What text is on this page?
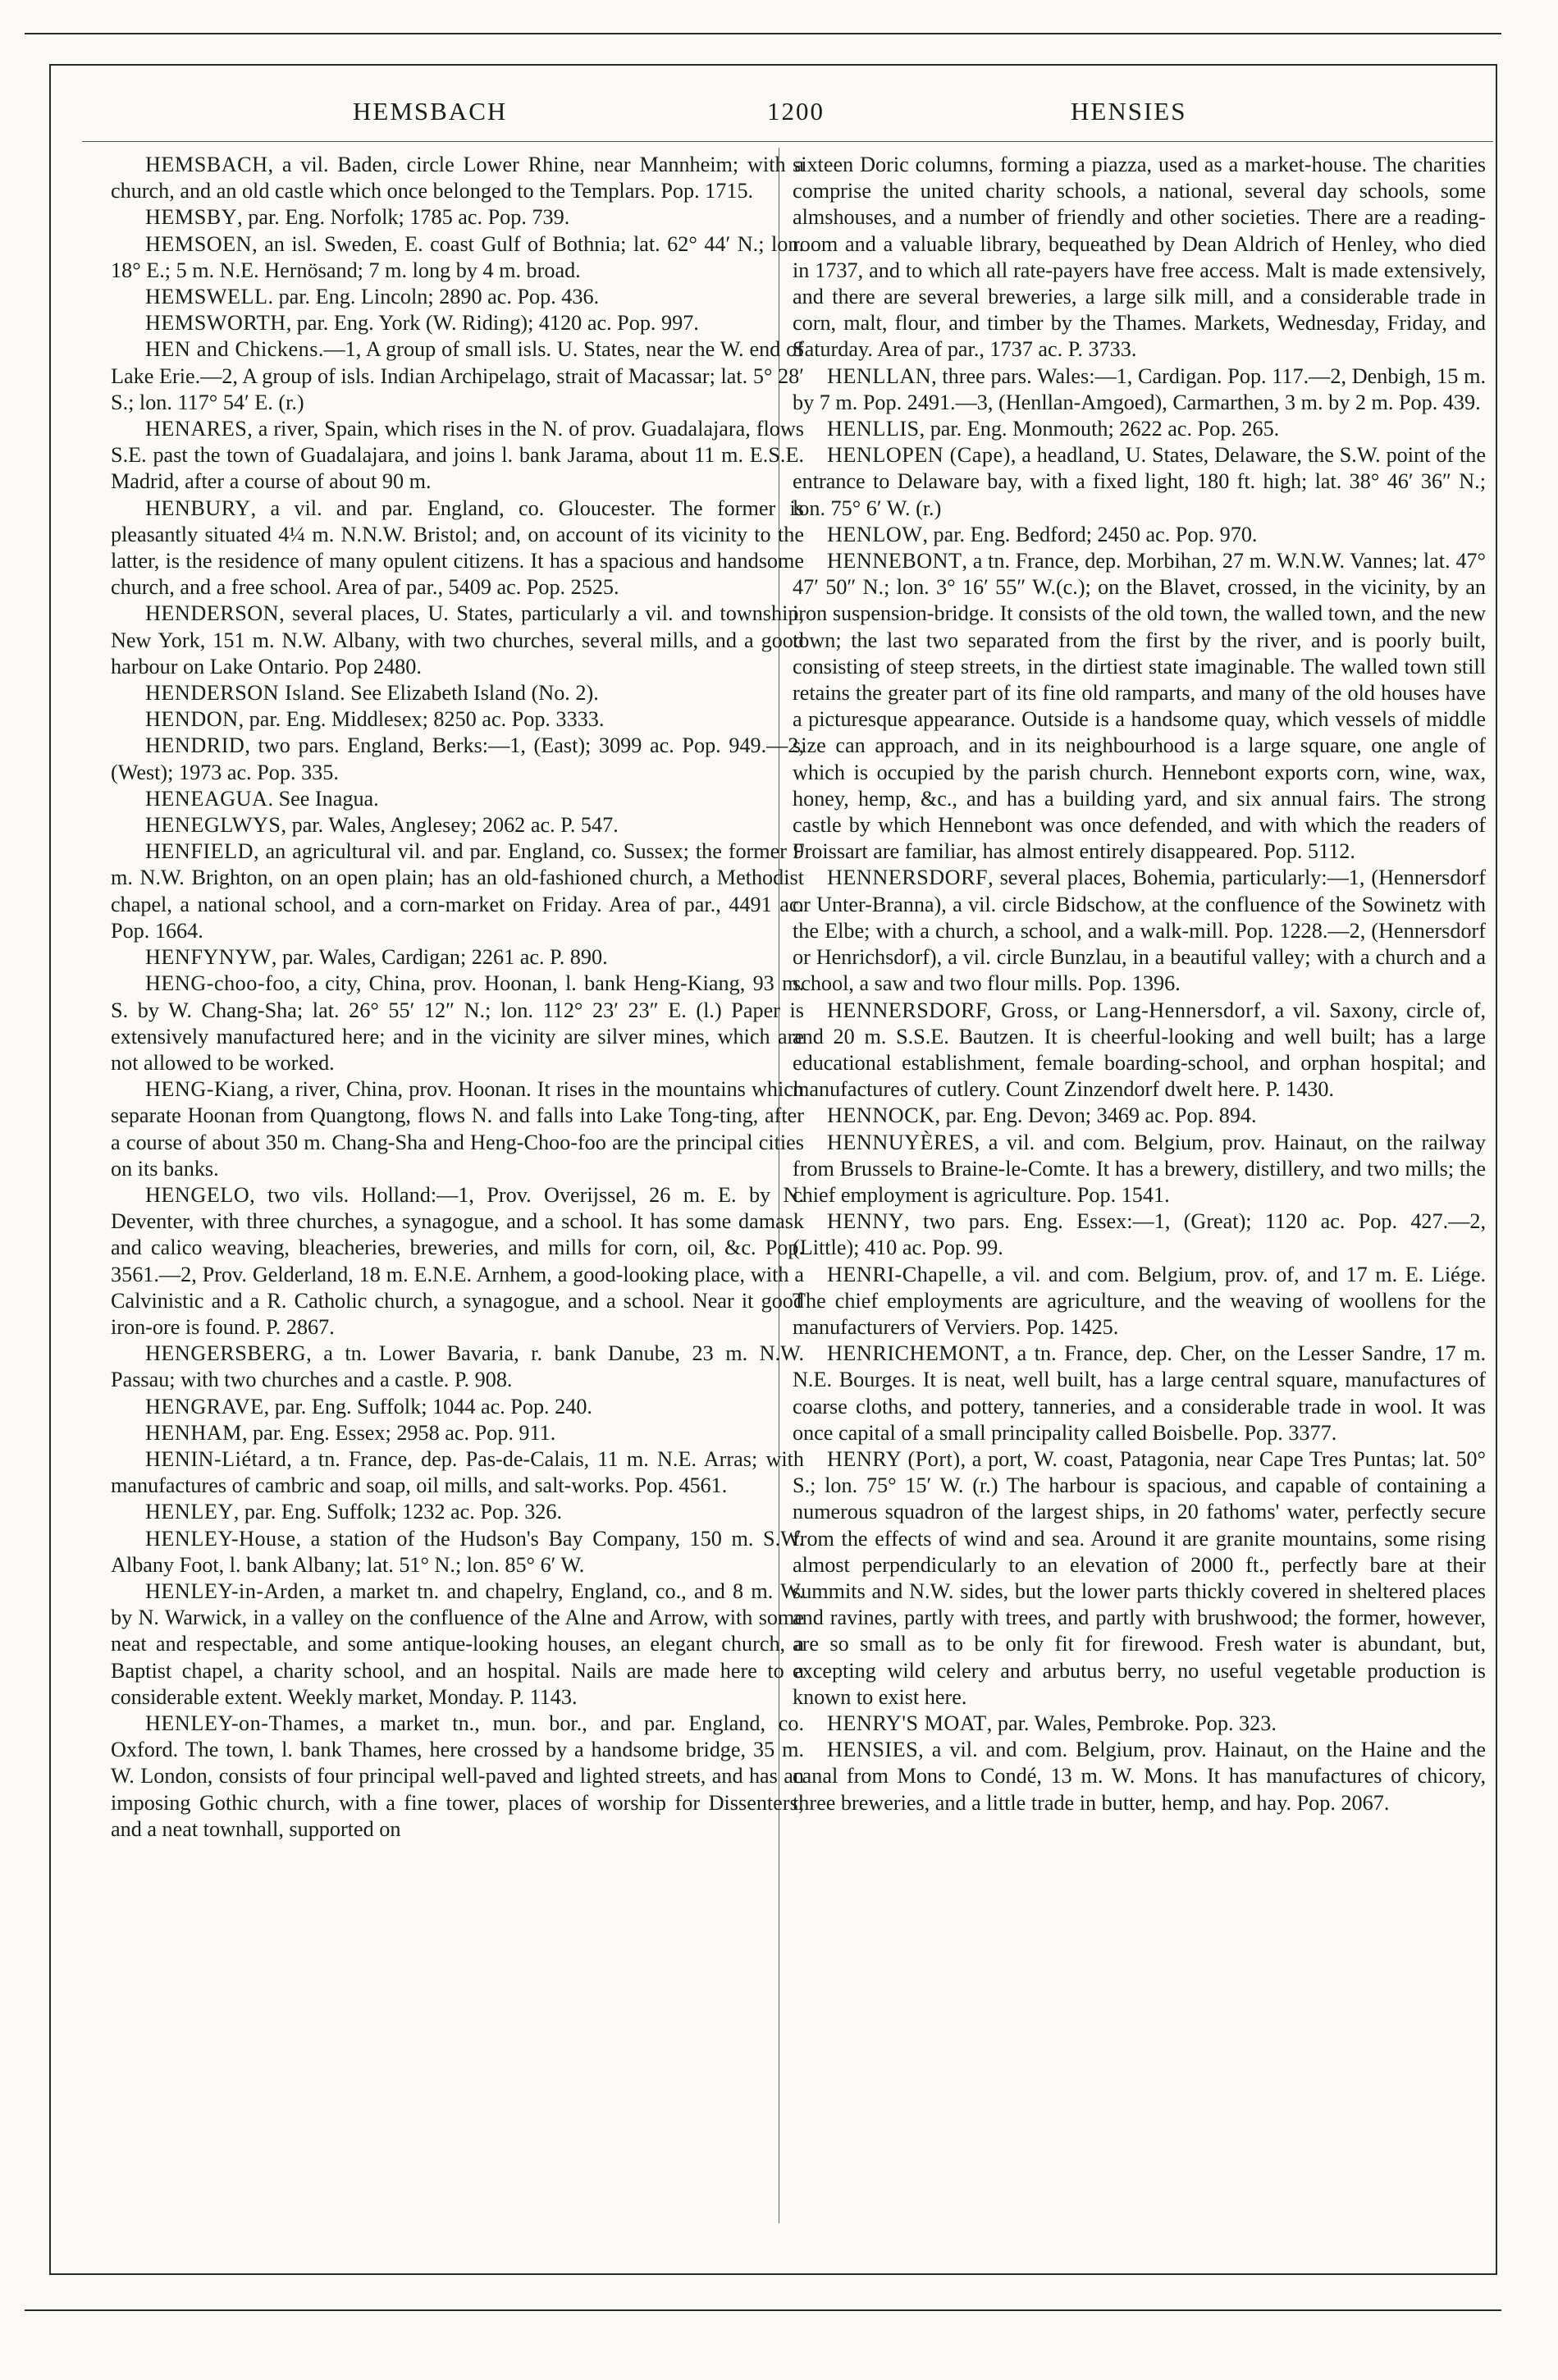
HEMSBACH	1200	HENSIES

HEMSBACH, a vil. Baden, circle Lower Rhine, near Mannheim; with a church, and an old castle which once belonged to the Templars. Pop. 1715.

HEMSBY, par. Eng. Norfolk; 1785 ac. Pop. 739.

HEMSOEN, an isl. Sweden, E. coast Gulf of Bothnia; lat. 62° 44′ N.; lon. 18° E.; 5 m. N.E. Hernösand; 7 m. long by 4 m. broad.

HEMSWELL. par. Eng. Lincoln; 2890 ac. Pop. 436.

HEMSWORTH, par. Eng. York (W. Riding); 4120 ac. Pop. 997.

HEN and Chickens.—1, A group of small isls. U. States, near the W. end of Lake Erie.—2, A group of isls. Indian Archipelago, strait of Macassar; lat. 5° 28′ S.; lon. 117° 54′ E. (r.)

HENARES, a river, Spain, which rises in the N. of prov. Guadalajara, flows S.E. past the town of Guadalajara, and joins l. bank Jarama, about 11 m. E.S.E. Madrid, after a course of about 90 m.

HENBURY, a vil. and par. England, co. Gloucester. The former is pleasantly situated 4¼ m. N.N.W. Bristol; and, on account of its vicinity to the latter, is the residence of many opulent citizens. It has a spacious and handsome church, and a free school. Area of par., 5409 ac. Pop. 2525.

HENDERSON, several places, U. States, particularly a vil. and township, New York, 151 m. N.W. Albany, with two churches, several mills, and a good harbour on Lake Ontario. Pop 2480.

HENDERSON Island. See Elizabeth Island (No. 2).

HENDON, par. Eng. Middlesex; 8250 ac. Pop. 3333.

HENDRID, two pars. England, Berks:—1, (East); 3099 ac. Pop. 949.—2, (West); 1973 ac. Pop. 335.

HENEAGUA. See Inagua.

HENEGLWYS, par. Wales, Anglesey; 2062 ac. P. 547.

HENFIELD, an agricultural vil. and par. England, co. Sussex; the former 9 m. N.W. Brighton, on an open plain; has an old-fashioned church, a Methodist chapel, a national school, and a corn-market on Friday. Area of par., 4491 ac. Pop. 1664.

HENFYNYW, par. Wales, Cardigan; 2261 ac. P. 890.

HENG-choo-foo, a city, China, prov. Hoonan, l. bank Heng-Kiang, 93 m. S. by W. Chang-Sha; lat. 26° 55′ 12″ N.; lon. 112° 23′ 23″ E. (l.) Paper is extensively manufactured here; and in the vicinity are silver mines, which are not allowed to be worked.

HENG-Kiang, a river, China, prov. Hoonan. It rises in the mountains which separate Hoonan from Quangtong, flows N. and falls into Lake Tong-ting, after a course of about 350 m. Chang-Sha and Heng-Choo-foo are the principal cities on its banks.

HENGELO, two vils. Holland:—1, Prov. Overijssel, 26 m. E. by N. Deventer, with three churches, a synagogue, and a school. It has some damask and calico weaving, bleacheries, breweries, and mills for corn, oil, &c. Pop. 3561.—2, Prov. Gelderland, 18 m. E.N.E. Arnhem, a good-looking place, with a Calvinistic and a R. Catholic church, a synagogue, and a school. Near it good iron-ore is found. P. 2867.

HENGERSBERG, a tn. Lower Bavaria, r. bank Danube, 23 m. N.W. Passau; with two churches and a castle. P. 908.

HENGRAVE, par. Eng. Suffolk; 1044 ac. Pop. 240.

HENHAM, par. Eng. Essex; 2958 ac. Pop. 911.

HENIN-Liétard, a tn. France, dep. Pas-de-Calais, 11 m. N.E. Arras; with manufactures of cambric and soap, oil mills, and salt-works. Pop. 4561.

HENLEY, par. Eng. Suffolk; 1232 ac. Pop. 326.

HENLEY-House, a station of the Hudson's Bay Company, 150 m. S.W. Albany Foot, l. bank Albany; lat. 51° N.; lon. 85° 6′ W.

HENLEY-in-Arden, a market tn. and chapelry, England, co., and 8 m. W. by N. Warwick, in a valley on the confluence of the Alne and Arrow, with some neat and respectable, and some antique-looking houses, an elegant church, a Baptist chapel, a charity school, and an hospital. Nails are made here to a considerable extent. Weekly market, Monday. P. 1143.

HENLEY-on-Thames, a market tn., mun. bor., and par. England, co. Oxford. The town, l. bank Thames, here crossed by a handsome bridge, 35 m. W. London, consists of four principal well-paved and lighted streets, and has an imposing Gothic church, with a fine tower, places of worship for Dissenters; and a neat townhall, supported on

sixteen Doric columns, forming a piazza, used as a market-house. The charities comprise the united charity schools, a national, several day schools, some almshouses, and a number of friendly and other societies. There are a reading-room and a valuable library, bequeathed by Dean Aldrich of Henley, who died in 1737, and to which all rate-payers have free access. Malt is made extensively, and there are several breweries, a large silk mill, and a considerable trade in corn, malt, flour, and timber by the Thames. Markets, Wednesday, Friday, and Saturday. Area of par., 1737 ac. P. 3733.

HENLLAN, three pars. Wales:—1, Cardigan. Pop. 117.—2, Denbigh, 15 m. by 7 m. Pop. 2491.—3, (Henllan-Amgoed), Carmarthen, 3 m. by 2 m. Pop. 439.

HENLLIS, par. Eng. Monmouth; 2622 ac. Pop. 265.

HENLOPEN (Cape), a headland, U. States, Delaware, the S.W. point of the entrance to Delaware bay, with a fixed light, 180 ft. high; lat. 38° 46′ 36″ N.; lon. 75° 6′ W. (r.)

HENLOW, par. Eng. Bedford; 2450 ac. Pop. 970.

HENNEBONT, a tn. France, dep. Morbihan, 27 m. W.N.W. Vannes; lat. 47° 47′ 50″ N.; lon. 3° 16′ 55″ W.(c.); on the Blavet, crossed, in the vicinity, by an iron suspension-bridge. It consists of the old town, the walled town, and the new town; the last two separated from the first by the river, and is poorly built, consisting of steep streets, in the dirtiest state imaginable. The walled town still retains the greater part of its fine old ramparts, and many of the old houses have a picturesque appearance. Outside is a handsome quay, which vessels of middle size can approach, and in its neighbourhood is a large square, one angle of which is occupied by the parish church. Hennebont exports corn, wine, wax, honey, hemp, &c., and has a building yard, and six annual fairs. The strong castle by which Hennebont was once defended, and with which the readers of Froissart are familiar, has almost entirely disappeared. Pop. 5112.

HENNERSDORF, several places, Bohemia, particularly:—1, (Hennersdorf or Unter-Branna), a vil. circle Bidschow, at the confluence of the Sowinetz with the Elbe; with a church, a school, and a walk-mill. Pop. 1228.—2, (Hennersdorf or Henrichsdorf), a vil. circle Bunzlau, in a beautiful valley; with a church and a school, a saw and two flour mills. Pop. 1396.

HENNERSDORF, Gross, or Lang-Hennersdorf, a vil. Saxony, circle of, and 20 m. S.S.E. Bautzen. It is cheerful-looking and well built; has a large educational establishment, female boarding-school, and orphan hospital; and manufactures of cutlery. Count Zinzendorf dwelt here. P. 1430.

HENNOCK, par. Eng. Devon; 3469 ac. Pop. 894.

HENNUYÈRES, a vil. and com. Belgium, prov. Hainaut, on the railway from Brussels to Braine-le-Comte. It has a brewery, distillery, and two mills; the chief employment is agriculture. Pop. 1541.

HENNY, two pars. Eng. Essex:—1, (Great); 1120 ac. Pop. 427.—2, (Little); 410 ac. Pop. 99.

HENRI-Chapelle, a vil. and com. Belgium, prov. of, and 17 m. E. Liége. The chief employments are agriculture, and the weaving of woollens for the manufacturers of Verviers. Pop. 1425.

HENRICHEMONT, a tn. France, dep. Cher, on the Lesser Sandre, 17 m. N.E. Bourges. It is neat, well built, has a large central square, manufactures of coarse cloths, and pottery, tanneries, and a considerable trade in wool. It was once capital of a small principality called Boisbelle. Pop. 3377.

HENRY (Port), a port, W. coast, Patagonia, near Cape Tres Puntas; lat. 50° S.; lon. 75° 15′ W. (r.) The harbour is spacious, and capable of containing a numerous squadron of the largest ships, in 20 fathoms' water, perfectly secure from the effects of wind and sea. Around it are granite mountains, some rising almost perpendicularly to an elevation of 2000 ft., perfectly bare at their summits and N.W. sides, but the lower parts thickly covered in sheltered places and ravines, partly with trees, and partly with brushwood; the former, however, are so small as to be only fit for firewood. Fresh water is abundant, but, excepting wild celery and arbutus berry, no useful vegetable production is known to exist here.

HENRY'S MOAT, par. Wales, Pembroke. Pop. 323.

HENSIES, a vil. and com. Belgium, prov. Hainaut, on the Haine and the canal from Mons to Condé, 13 m. W. Mons. It has manufactures of chicory, three breweries, and a little trade in butter, hemp, and hay. Pop. 2067.
